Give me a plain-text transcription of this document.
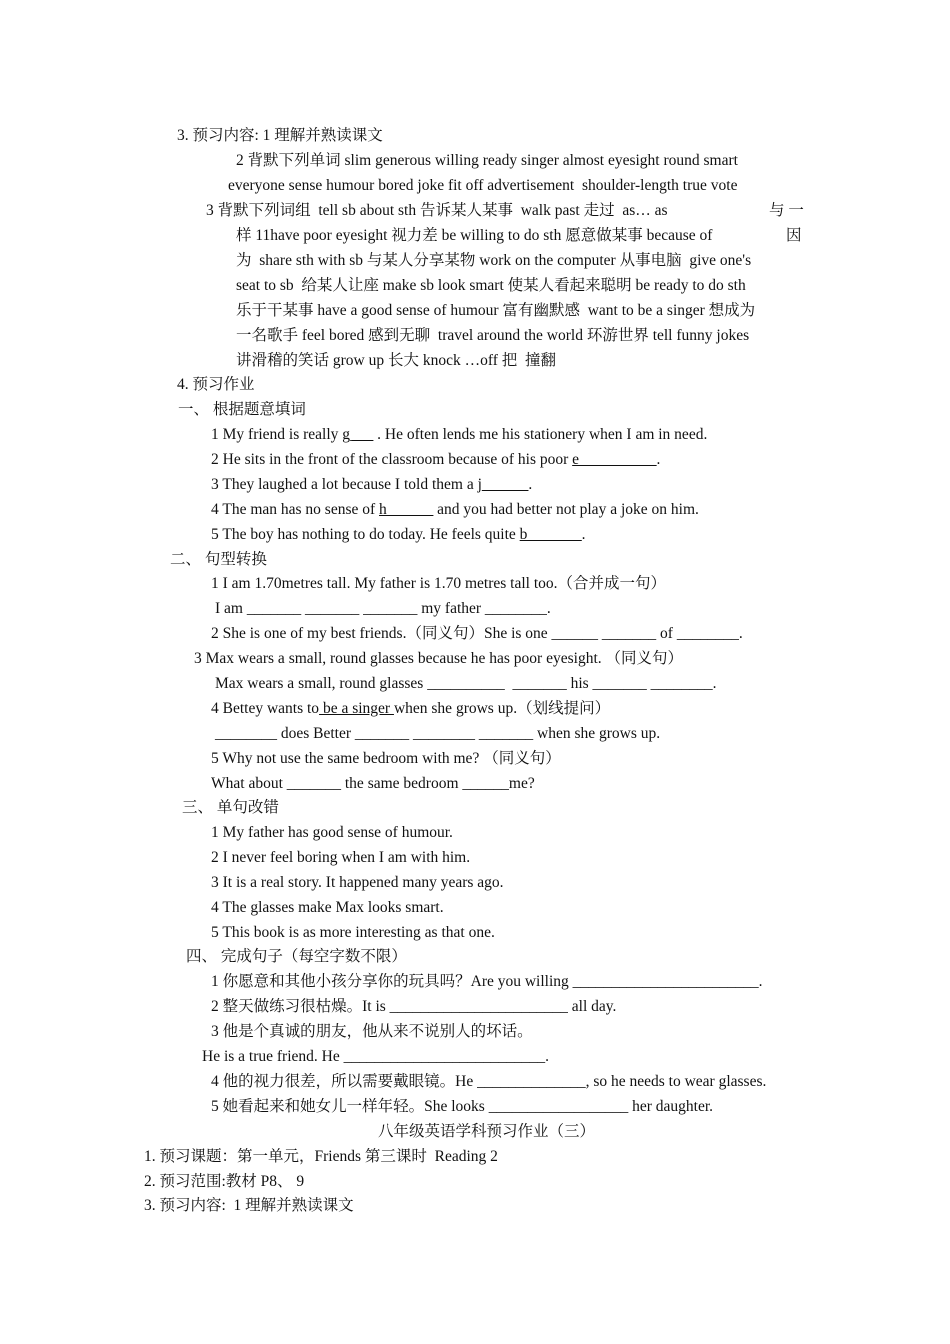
3. 预习内容: 1 理解并熟读课文
2 背默下列单词 slim generous willing ready singer almost eyesight round smart
everyone sense humour bored joke fit off advertisement  shoulder-length true vote
3 背默下列词组  tell sb about sth 告诉某人某事  walk past 走过  as… as	与 一
样 11have poor eyesight 视力差 be willing to do sth 愿意做某事 because of	因
为  share sth with sb 与某人分享某物 work on the computer 从事电脑  give one's
seat to sb  给某人让座 make sb look smart 使某人看起来聪明 be ready to do sth
乐于干某事 have a good sense of humour 富有幽默感  want to be a singer 想成为
一名歌手 feel bored 感到无聊  travel around the world 环游世界 tell funny jokes
讲滑稽的笑话 grow up 长大 knock …off 把  撞翻
4. 预习作业
一、 根据题意填词
1 My friend is really g___ . He often lends me his stationery when I am in need.
2 He sits in the front of the classroom because of his poor e__________.
3 They laughed a lot because I told them a j______.
4 The man has no sense of h______ and you had better not play a joke on him.
5 The boy has nothing to do today. He feels quite b_______.
二、 句型转换
1 I am 1.70metres tall. My father is 1.70 metres tall too.（合并成一句）
I am _______ _______ _______ my father ________.
2 She is one of my best friends.（同义句）She is one ______ _______ of ________.
3 Max wears a small, round glasses because he has poor eyesight. （同义句）
Max wears a small, round glasses __________  _______ his _______ ________.
4 Bettey wants to be a singer when she grows up.（划线提问）
________ does Better _______ ________ _______ when she grows up.
5 Why not use the same bedroom with me? （同义句）
What about _______ the same bedroom ______me?
三、 单句改错
1 My father has good sense of humour.
2 I never feel boring when I am with him.
3 It is a real story. It happened many years ago.
4 The glasses make Max looks smart.
5 This book is as more interesting as that one.
四、 完成句子（每空字数不限）
1 你愿意和其他小孩分享你的玩具吗？Are you willing ________________________.
2 整天做练习很枯燥。It is _______________________ all day.
3 他是个真诚的朋友，他从来不说别人的坏话。
He is a true friend. He __________________________.
4 他的视力很差，所以需要戴眼镜。He ______________, so he needs to wear glasses.
5 她看起来和她女儿一样年轻。She looks __________________ her daughter.
八年级英语学科预习作业（三）
1. 预习课题：第一单元，Friends 第三课时  Reading 2
2. 预习范围:教材 P8、 9
3. 预习内容:  1 理解并熟读课文
